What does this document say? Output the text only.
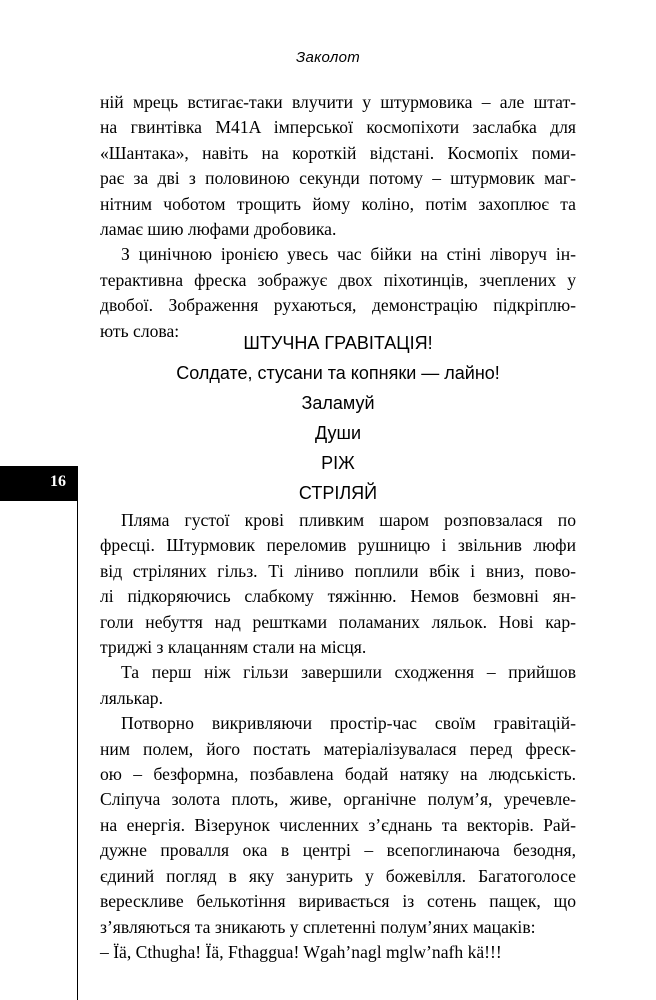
Заколот
ній мрець встигає-таки влучити у штурмовика – але штат-
на гвинтівка M41A імперської космопіхоти заслабка для
«Шантака», навіть на короткій відстані. Космопіх поми-
рає за дві з половиною секунди потому – штурмовик маг-
нітним чоботом трощить йому коліно, потім захоплює та
ламає шию люфами дробовика.
З цинічною іронією увесь час бійки на стіні ліворуч ін-
терактивна фреска зображує двох піхотинців, зчеплених у
двобої. Зображення рухаються, демонстрацію підкріплю-
ють слова:
ШТУЧНА ГРАВІТАЦІЯ!
Солдате, стусани та копняки — лайно!
Заламуй
Души
РІЖ
СТРІЛЯЙ
16
Пляма густої крові пливким шаром розповзалася по
фресці. Штурмовик переломив рушницю і звільнив люфи
від стріляних гільз. Ті ліниво поплили вбік і вниз, пово-
лі підкоряючись слабкому тяжінню. Немов безмовні ян-
голи небуття над рештками поламаних ляльок. Нові кар-
триджі з клацанням стали на місця.
Та перш ніж гільзи завершили сходження – прийшов
лялькар.
Потворно викривляючи простір-час своїм гравітацій-
ним полем, його постать матеріалізувалася перед фреск-
ою – безформна, позбавлена бодай натяку на людськість.
Сліпуча золота плоть, живе, органічне полум’я, уречевле-
на енергія. Візерунок численних з’єднань та векторів. Рай-
дужне провалля ока в центрі – всепоглинаюча безодня,
єдиний погляд в яку занурить у божевілля. Багатоголосе
верескливе белькотіння виривається із сотень пащек, що
з’являються та зникають у сплетенні полум’яних мацаків:
– Ïä, Cthugha! Ïä, Fthaggua! Wgah’nagl mglw’nafh kä!!!
